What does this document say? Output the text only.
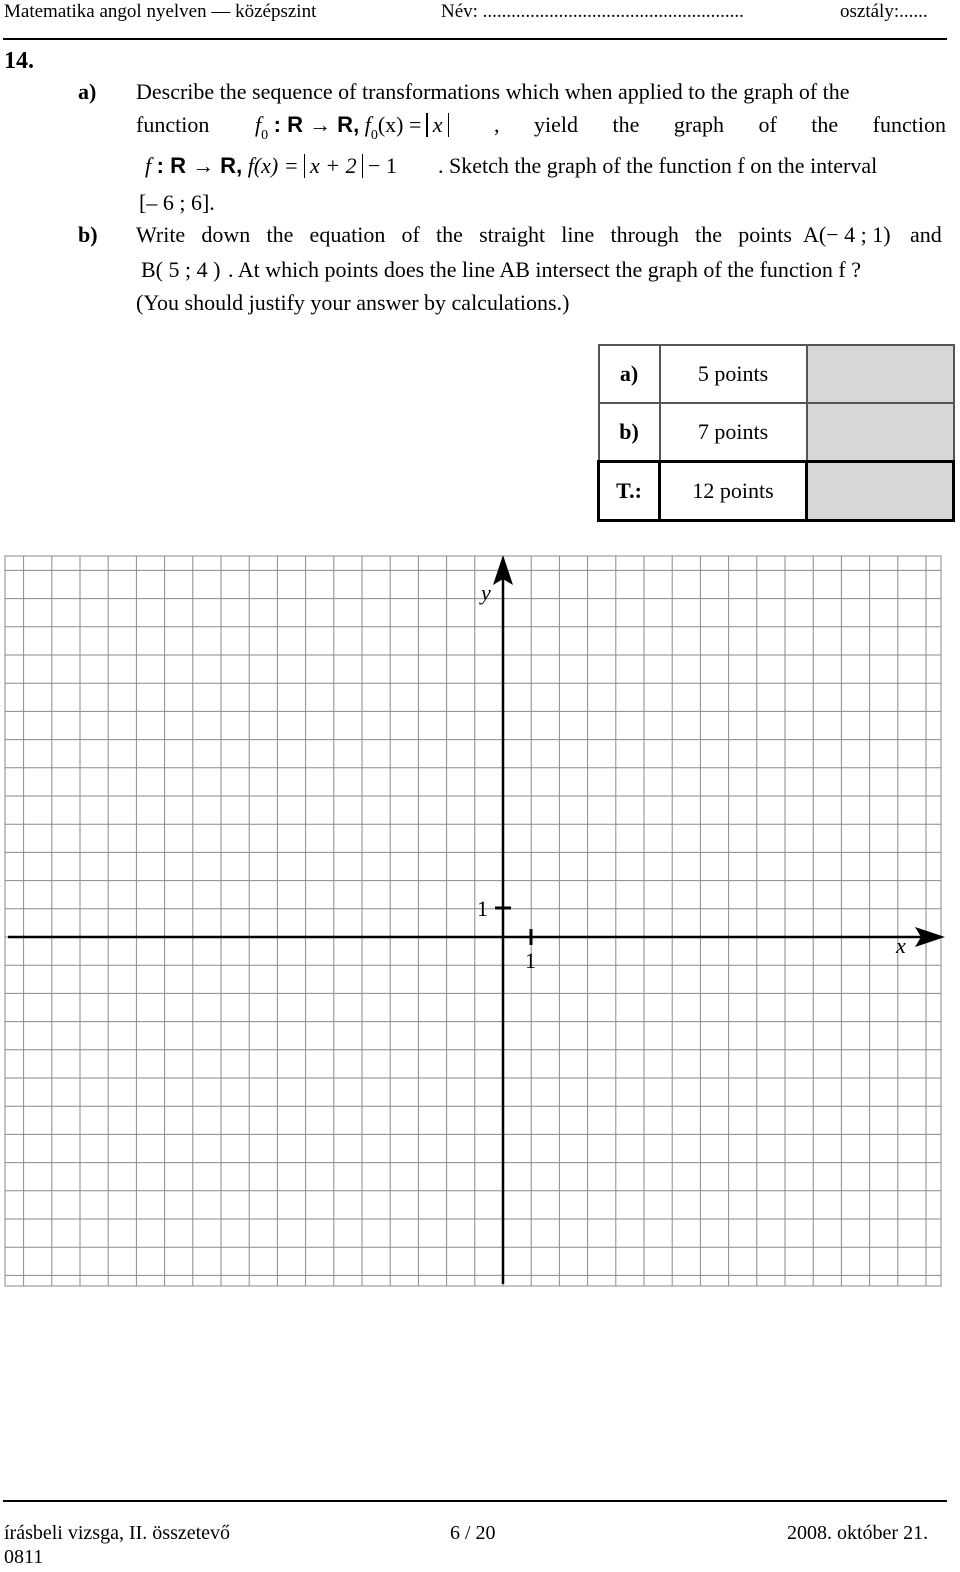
Matematika angol nyelven — középszint	Név: .......................................................	osztály:......
14.
a) Describe the sequence of transformations which when applied to the graph of the
function $f_0$ : R → R, $f_0(x) = x$	, yield the graph of the function
f : R → R, f(x) = x + 2 − 1 . Sketch the graph of the function f on the interval
[– 6 ; 6].
b) Write down the equation of the straight line through the points A(− 4 ; 1) and
B( 5 ; 4 ) . At which points does the line AB intersect the graph of the function f ?
(You should justify your answer by calculations.)
a)	5 points	
b)	7 points	
T.:	12 points	
x
y
1
1
írásbeli vizsga, II. összetevő
0811
6 / 20	2008. október 21.
